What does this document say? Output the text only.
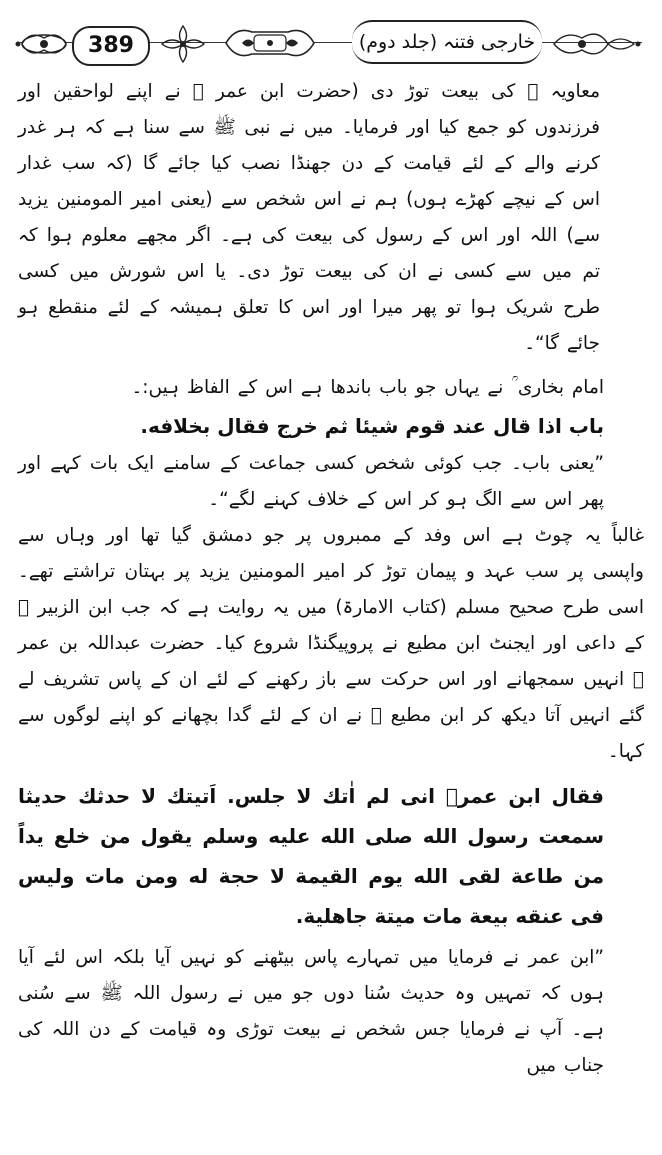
389	خارجی فتنہ (جلد دوم)

معاویہ ﷛ کی بیعت توڑ دی (حضرت ابن عمر ﷛ نے اپنے لواحقین اور فرزندوں کو جمع کیا اور فرمایا۔ میں نے نبی ﷺ سے سنا ہے کہ ہر غدر کرنے والے کے لئے قیامت کے دن جھنڈا نصب کیا جائے گا (کہ سب غدار اس کے نیچے کھڑے ہوں) ہم نے اس شخص سے (یعنی امیر المومنین یزید سے) اللہ اور اس کے رسول کی بیعت کی ہے۔ اگر مجھے معلوم ہوا کہ تم میں سے کسی نے ان کی بیعت توڑ دی۔ یا اس شورش میں کسی طرح شریک ہوا تو پھر میرا اور اس کا تعلق ہمیشہ کے لئے منقطع ہو جائے گا“۔

امام بخاری ؒ نے یہاں جو باب باندھا ہے اس کے الفاظ ہیں:۔

باب اذا قال عند قوم شيئا ثم خرج فقال بخلافه.

”یعنی باب۔ جب کوئی شخص کسی جماعت کے سامنے ایک بات کہے اور پھر اس سے الگ ہو کر اس کے خلاف کہنے لگے“۔

غالباً یہ چوٹ ہے اس وفد کے ممبروں پر جو دمشق گیا تھا اور وہاں سے واپسی پر سب عہد و پیمان توڑ کر امیر المومنین یزید پر بہتان تراشتے تھے۔ اسی طرح صحیح مسلم (کتاب الامارۃ) میں یہ روایت ہے کہ جب ابن الزبیر ﷛ کے داعی اور ایجنٹ ابن مطیع نے پروپیگنڈا شروع کیا۔ حضرت عبداللہ بن عمر ﷛ انہیں سمجھانے اور اس حرکت سے باز رکھنے کے لئے ان کے پاس تشریف لے گئے انہیں آتا دیکھ کر ابن مطیع ﷛ نے ان کے لئے گدا بچھانے کو اپنے لوگوں سے کہا۔

فقال ابن عمرؓ انی لم اٰتك لا جلس. اَتيتك لا حدثك حديثا سمعت رسول الله صلى الله عليه وسلم يقول من خلع يداً من طاعة لقى الله يوم القيمة لا حجة له ومن مات وليس فى عنقه بيعة مات ميتة جاهلية.

”ابن عمر نے فرمایا میں تمہارے پاس بیٹھنے کو نہیں آیا بلکہ اس لئے آیا ہوں کہ تمہیں وہ حدیث سُنا دوں جو میں نے رسول اللہ ﷺ سے سُنی ہے۔ آپ نے فرمایا جس شخص نے بیعت توڑی وہ قیامت کے دن اللہ کی جناب میں
